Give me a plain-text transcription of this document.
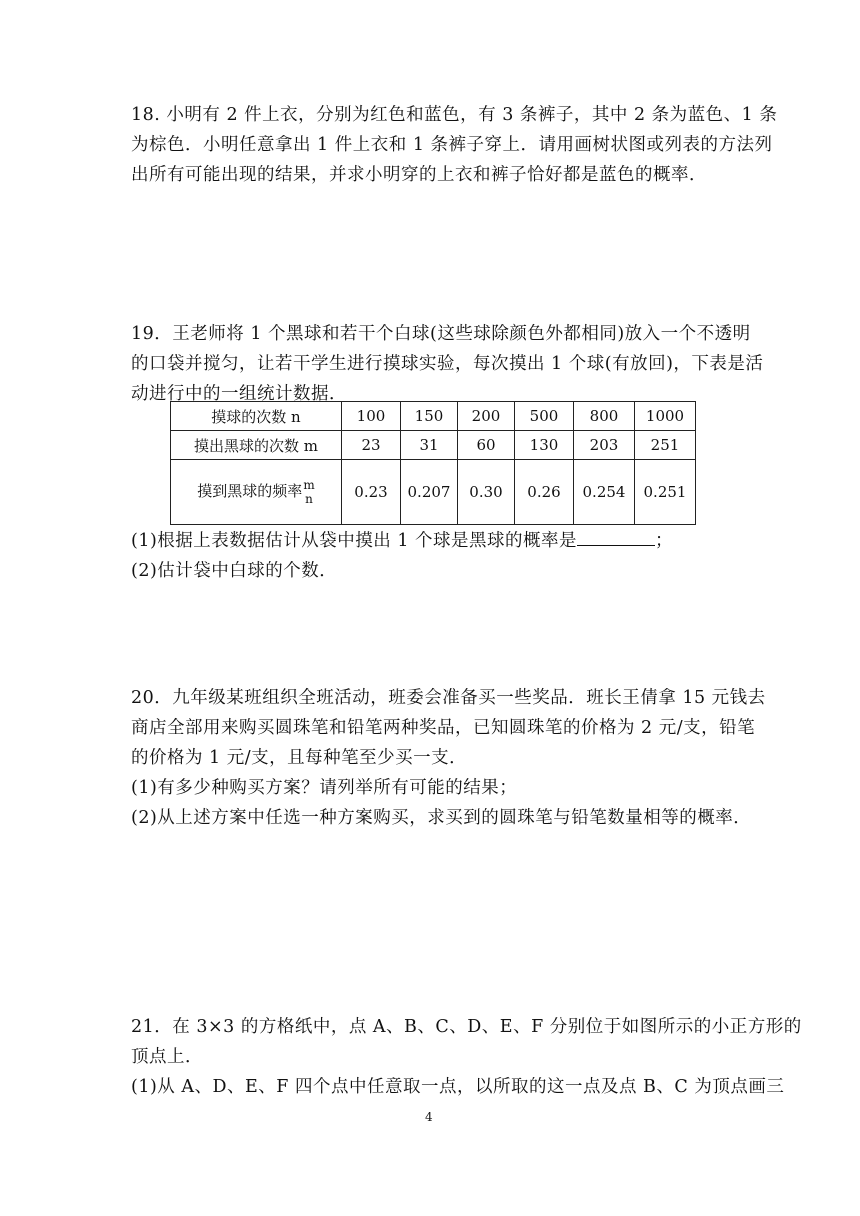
18. 小明有 2 件上衣，分别为红色和蓝色，有 3 条裤子，其中 2 条为蓝色、1 条

为棕色．小明任意拿出 1 件上衣和 1 条裤子穿上．请用画树状图或列表的方法列

出所有可能出现的结果，并求小明穿的上衣和裤子恰好都是蓝色的概率．

19．王老师将 1 个黑球和若干个白球(这些球除颜色外都相同)放入一个不透明

的口袋并搅匀，让若干学生进行摸球实验，每次摸出 1 个球(有放回)，下表是活

动进行中的一组统计数据．

摸球的次数 n	100	150	200	500	800	1000
摸出黑球的次数 m	23	31	60	130	203	251
摸到黑球的频率 m
n	0.23	0.207	0.30	0.26	0.254	0.251

(1)根据上表数据估计从袋中摸出 1 个球是黑球的概率是	；

(2)估计袋中白球的个数．

20．九年级某班组织全班活动，班委会准备买一些奖品．班长王倩拿 15 元钱去

商店全部用来购买圆珠笔和铅笔两种奖品，已知圆珠笔的价格为 2 元/支，铅笔

的价格为 1 元/支，且每种笔至少买一支．

(1)有多少种购买方案？请列举所有可能的结果；

(2)从上述方案中任选一种方案购买，求买到的圆珠笔与铅笔数量相等的概率．

21．在 3×3 的方格纸中，点 A、B、C、D、E、F 分别位于如图所示的小正方形的

顶点上．

(1)从 A、D、E、F 四个点中任意取一点，以所取的这一点及点 B、C 为顶点画三

4
